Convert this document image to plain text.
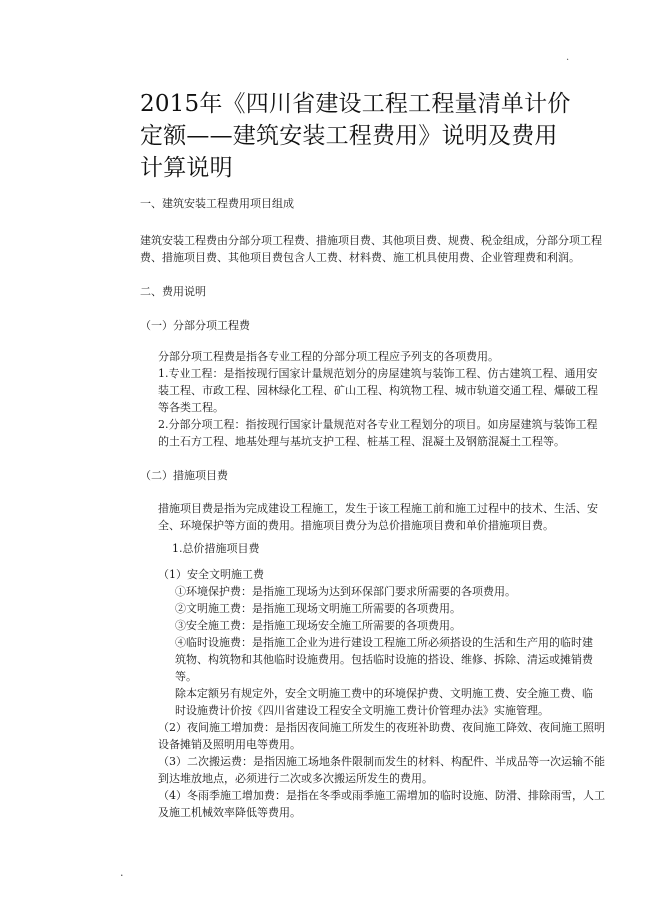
.
2015年《四川省建设工程工程量清单计价定额——建筑安装工程费用》说明及费用计算说明
一、建筑安装工程费用项目组成
建筑安装工程费由分部分项工程费、措施项目费、其他项目费、规费、税金组成，分部分项工程
费、措施项目费、其他项目费包含人工费、材料费、施工机具使用费、企业管理费和利润。
二、费用说明
（一）分部分项工程费
分部分项工程费是指各专业工程的分部分项工程应予列支的各项费用。
1.专业工程：是指按现行国家计量规范划分的房屋建筑与装饰工程、仿古建筑工程、通用安
装工程、市政工程、园林绿化工程、矿山工程、构筑物工程、城市轨道交通工程、爆破工程
等各类工程。
2.分部分项工程：指按现行国家计量规范对各专业工程划分的项目。如房屋建筑与装饰工程
的土石方工程、地基处理与基坑支护工程、桩基工程、混凝土及钢筋混凝土工程等。
（二）措施项目费
措施项目费是指为完成建设工程施工，发生于该工程施工前和施工过程中的技术、生活、安
全、环境保护等方面的费用。措施项目费分为总价措施项目费和单价措施项目费。
1.总价措施项目费
（1）安全文明施工费
①环境保护费：是指施工现场为达到环保部门要求所需要的各项费用。
②文明施工费：是指施工现场文明施工所需要的各项费用。
③安全施工费：是指施工现场安全施工所需要的各项费用。
④临时设施费：是指施工企业为进行建设工程施工所必须搭设的生活和生产用的临时建
筑物、构筑物和其他临时设施费用。包括临时设施的搭设、维修、拆除、清运或摊销费
等。
除本定额另有规定外，安全文明施工费中的环境保护费、文明施工费、安全施工费、临
时设施费计价按《四川省建设工程安全文明施工费计价管理办法》实施管理。
（2）夜间施工增加费：是指因夜间施工所发生的夜班补助费、夜间施工降效、夜间施工照明
设备摊销及照明用电等费用。
（3）二次搬运费：是指因施工场地条件限制而发生的材料、构配件、半成品等一次运输不能
到达堆放地点，必须进行二次或多次搬运所发生的费用。
（4）冬雨季施工增加费：是指在冬季或雨季施工需增加的临时设施、防滑、排除雨雪，人工
及施工机械效率降低等费用。
.
